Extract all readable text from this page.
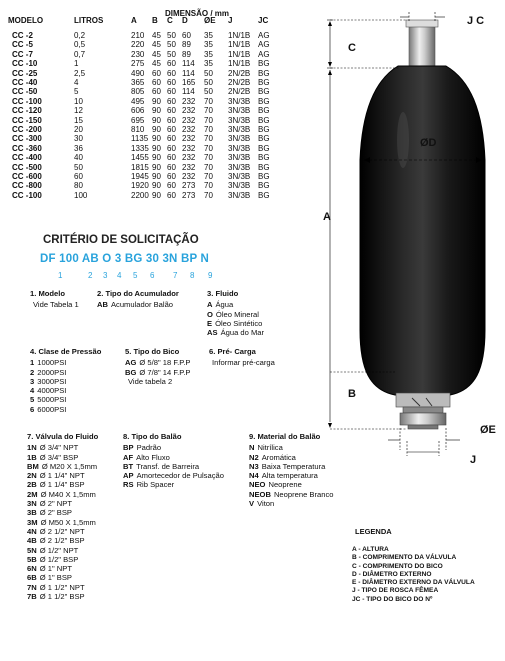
DIMENSÃO / mm
MODELO	LITROS	A B C D ØE J	JC
CC -2	0,2	210 45 50 60 35 1N/1B AG
CC -5	0,5	220 45 50 89 35 1N/1B AG
CC -7	0,7	230 45 50 89 35 1N/1B AG
CC -10	1	275 45 60 114 35 1N/1B BG
CC -25	2,5	490 60 60 114 50 2N/2B BG
CC -40	4	365 60 60 165 50 2N/2B BG
CC -50	5	805 60 60 114 50 2N/2B BG
CC -100	10	495 90 60 232 70 3N/3B BG
CC -120	12	606 90 60 232 70 3N/3B BG
CC -150	15	695 90 60 232 70 3N/3B BG
CC -200	20	810 90 60 232 70 3N/3B BG
CC -300	30	1135 90 60 232 70 3N/3B BG
CC -360	36	1335 90 60 232 70 3N/3B BG
CC -400	40	1455 90 60 232 70 3N/3B BG
CC -500	50	1815 90 60 232 70 3N/3B BG
CC -600	60	1945 90 60 232 70 3N/3B BG
CC -800	80	1920 90 60 273 70 3N/3B BG
CC -100	100	2200 90 60 273 70 3N/3B BG
CRITÉRIO DE SOLICITAÇÃO
DF 100 AB O 3 BG 30 3N BP N
1	2 3 4 5 6 7 8 9
1. Modelo
Vide Tabela 1
2. Tipo do Acumulador
AB Acumulador Balão
3. Fluido
A Água
O Óleo Mineral
E Óleo Sintético
AS Água do Mar
4. Clase de Pressão
1 1000PSI
2 2000PSI
3 3000PSI
4 4000PSI
5 5000PSI
6 6000PSI
5. Tipo do Bico
AG Ø 5/8" 18 F.P.P
BG Ø 7/8" 14 F.P.P
Vide tabela 2
6. Pré- Carga
Informar pré-carga
7. Válvula do Fluido
1N Ø 3/4" NPT
1B Ø 3/4" BSP
BM Ø M20 X 1,5mm
2N Ø 1 1/4" NPT
2B Ø 1 1/4" BSP
2M Ø M40 X 1,5mm
3N Ø 2" NPT
3B Ø 2" BSP
3M Ø M50 X 1,5mm
4N Ø 2 1/2" NPT
4B Ø 2 1/2" BSP
5N Ø 1/2" NPT
5B Ø 1/2" BSP
6N Ø 1" NPT
6B Ø 1" BSP
7N Ø 1 1/2" NPT
7B Ø 1 1/2" BSP
8. Tipo do Balão
BP Padrão
AF Alto Fluxo
BT Transf. de Barreira
AP Amortecedor de Pulsação
RS Rib Spacer
9. Material do Balão
N Nitrílica
N2 Aromática
N3 Baixa Temperatura
N4 Alta temperatura
NEO Neoprene
NEOB Neoprene Branco
V Viton
J C
C
ØD
A
B
ØE
J
LEGENDA
A - ALTURA
B - COMPRIMENTO DA VÁLVULA
C - COMPRIMENTO DO BICO
D - DIÂMETRO EXTERNO
E - DIÂMETRO EXTERNO DA VÁLVULA
J - TIPO DE ROSCA FÊMEA
JC - TIPO DO BICO DO Nº
